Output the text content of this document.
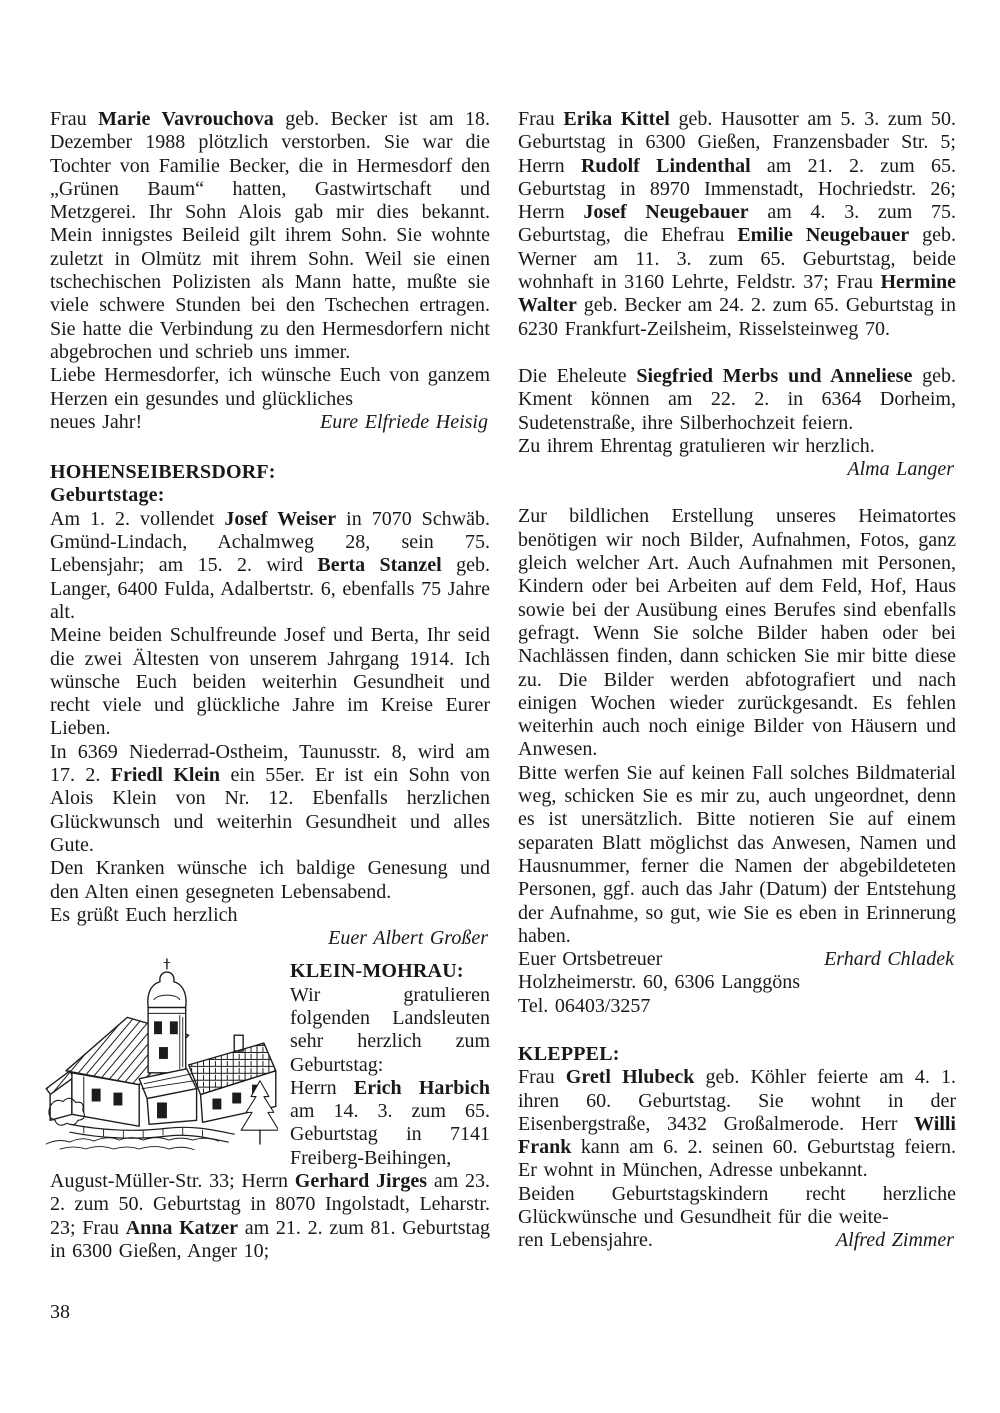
Frau Marie Vavrouchova geb. Becker ist am 18. Dezember 1988 plötzlich verstorben. Sie war die Tochter von Familie Becker, die in Hermesdorf den „Grünen Baum“ hatten, Gastwirtschaft und Metzgerei. Ihr Sohn Alois gab mir dies bekannt. Mein innigstes Beileid gilt ihrem Sohn. Sie wohnte zuletzt in Olmütz mit ihrem Sohn. Weil sie einen tschechischen Polizisten als Mann hatte, mußte sie viele schwere Stunden bei den Tschechen ertragen. Sie hatte die Verbindung zu den Hermesdorfern nicht abgebrochen und schrieb uns immer.

Liebe Hermesdorfer, ich wünsche Euch von ganzem Herzen ein gesundes und glückliches

neues Jahr!	Eure Elfriede Heisig

HOHENSEIBERSDORF:

Geburtstage:

Am 1. 2. vollendet Josef Weiser in 7070 Schwäb. Gmünd-Lindach, Achalmweg 28, sein 75. Lebensjahr; am 15. 2. wird Berta Stanzel geb. Langer, 6400 Fulda, Adalbertstr. 6, ebenfalls 75 Jahre alt.

Meine beiden Schulfreunde Josef und Berta, Ihr seid die zwei Ältesten von unserem Jahrgang 1914. Ich wünsche Euch beiden weiterhin Gesundheit und recht viele und glückliche Jahre im Kreise Eurer Lieben.

In 6369 Niederrad-Ostheim, Taunusstr. 8, wird am 17. 2. Friedl Klein ein 55er. Er ist ein Sohn von Alois Klein von Nr. 12. Ebenfalls herzlichen Glückwunsch und weiterhin Gesundheit und alles Gute.

Den Kranken wünsche ich baldige Genesung und den Alten einen gesegneten Lebensabend.

Es grüßt Euch herzlich

Euer Albert Großer

KLEIN-MOHRAU:

Wir gratulieren folgenden Landsleuten sehr herzlich zum Geburtstag:

Herrn Erich Harbich am 14. 3. zum 65. Geburtstag in 7141 Freiberg-Beihingen, August-Müller-Str. 33; Herrn Gerhard Jirges am 23. 2. zum 50. Geburtstag in 8070 Ingolstadt, Leharstr. 23; Frau Anna Katzer am 21. 2. zum 81. Geburtstag in 6300 Gießen, Anger 10;

Frau Erika Kittel geb. Hausotter am 5. 3. zum 50. Geburtstag in 6300 Gießen, Franzensbader Str. 5; Herrn Rudolf Lindenthal am 21. 2. zum 65. Geburtstag in 8970 Immenstadt, Hochriedstr. 26; Herrn Josef Neugebauer am 4. 3. zum 75. Geburtstag, die Ehefrau Emilie Neugebauer geb. Werner am 11. 3. zum 65. Geburtstag, beide wohnhaft in 3160 Lehrte, Feldstr. 37; Frau Hermine Walter geb. Becker am 24. 2. zum 65. Geburtstag in 6230 Frankfurt-Zeilsheim, Risselsteinweg 70.

Die Eheleute Siegfried Merbs und Anneliese geb. Kment können am 22. 2. in 6364 Dorheim, Sudetenstraße, ihre Silberhochzeit feiern.

Zu ihrem Ehrentag gratulieren wir herzlich.

Alma Langer

Zur bildlichen Erstellung unseres Heimatortes benötigen wir noch Bilder, Aufnahmen, Fotos, ganz gleich welcher Art. Auch Aufnahmen mit Personen, Kindern oder bei Arbeiten auf dem Feld, Hof, Haus sowie bei der Ausübung eines Berufes sind ebenfalls gefragt. Wenn Sie solche Bilder haben oder bei Nachlässen finden, dann schicken Sie mir bitte diese zu. Die Bilder werden abfotografiert und nach einigen Wochen wieder zurückgesandt. Es fehlen weiterhin auch noch einige Bilder von Häusern und Anwesen.

Bitte werfen Sie auf keinen Fall solches Bildmaterial weg, schicken Sie es mir zu, auch ungeordnet, denn es ist unersätzlich. Bitte notieren Sie auf einem separaten Blatt möglichst das Anwesen, Namen und Hausnummer, ferner die Namen der abgebildeteten Personen, ggf. auch das Jahr (Datum) der Entstehung der Aufnahme, so gut, wie Sie es eben in Erinnerung haben.

Euer Ortsbetreuer	Erhard Chladek

Holzheimerstr. 60, 6306 Langgöns

Tel. 06403/3257

KLEPPEL:

Frau Gretl Hlubeck geb. Köhler feierte am 4. 1. ihren 60. Geburtstag. Sie wohnt in der Eisenbergstraße, 3432 Großalmerode. Herr Willi Frank kann am 6. 2. seinen 60. Geburtstag feiern. Er wohnt in München, Adresse unbekannt.

Beiden Geburtstagskindern recht herzliche Glückwünsche und Gesundheit für die weite-

ren Lebensjahre.	Alfred Zimmer
38
